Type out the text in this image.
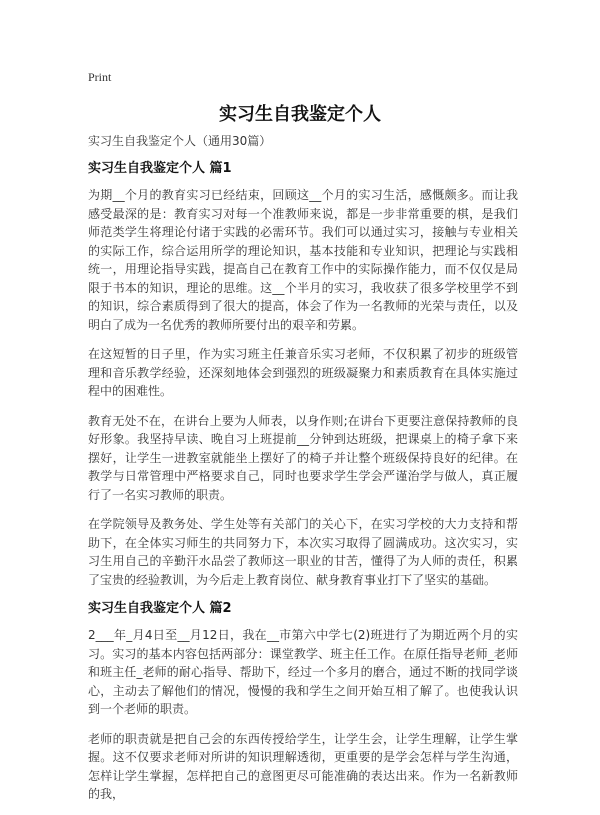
Print
实习生自我鉴定个人

实习生自我鉴定个人（通用30篇）

实习生自我鉴定个人 篇1

为期__个月的教育实习已经结束，回顾这__个月的实习生活，感慨颇多。而让我感受最深的是：教育实习对每一个准教师来说，都是一步非常重要的棋，是我们师范类学生将理论付诸于实践的必需环节。我们可以通过实习，接触与专业相关的实际工作，综合运用所学的理论知识，基本技能和专业知识，把理论与实践相统一，用理论指导实践，提高自己在教育工作中的实际操作能力，而不仅仅是局限于书本的知识，理论的思维。这__个半月的实习，我收获了很多学校里学不到的知识，综合素质得到了很大的提高，体会了作为一名教师的光荣与责任，以及明白了成为一名优秀的教师所要付出的艰辛和劳累。

在这短暂的日子里，作为实习班主任兼音乐实习老师，不仅积累了初步的班级管理和音乐教学经验，还深刻地体会到强烈的班级凝聚力和素质教育在具体实施过程中的困难性。

教育无处不在，在讲台上要为人师表，以身作则;在讲台下更要注意保持教师的良好形象。我坚持早读、晚自习上班提前__分钟到达班级，把课桌上的椅子拿下来摆好，让学生一进教室就能坐上摆好了的椅子并让整个班级保持良好的纪律。在教学与日常管理中严格要求自己，同时也要求学生学会严谨治学与做人，真正履行了一名实习教师的职责。

在学院领导及教务处、学生处等有关部门的关心下，在实习学校的大力支持和帮助下，在全体实习师生的共同努力下，本次实习取得了圆满成功。这次实习，实习生用自己的辛勤汗水品尝了教师这一职业的甘苦，懂得了为人师的责任，积累了宝贵的经验教训，为今后走上教育岗位、献身教育事业打下了坚实的基础。

实习生自我鉴定个人 篇2

2___年_月4日至__月12日，我在__市第六中学七(2)班进行了为期近两个月的实习。实习的基本内容包括两部分：课堂教学、班主任工作。在原任指导老师_老师和班主任_老师的耐心指导、帮助下，经过一个多月的磨合，通过不断的找同学谈心，主动去了解他们的情况，慢慢的我和学生之间开始互相了解了。也使我认识到一个老师的职责。

老师的职责就是把自己会的东西传授给学生，让学生会，让学生理解，让学生掌握。这不仅要求老师对所讲的知识理解透彻，更重要的是学会怎样与学生沟通，怎样让学生掌握，怎样把自己的意图更尽可能准确的表达出来。作为一名新教师的我，
